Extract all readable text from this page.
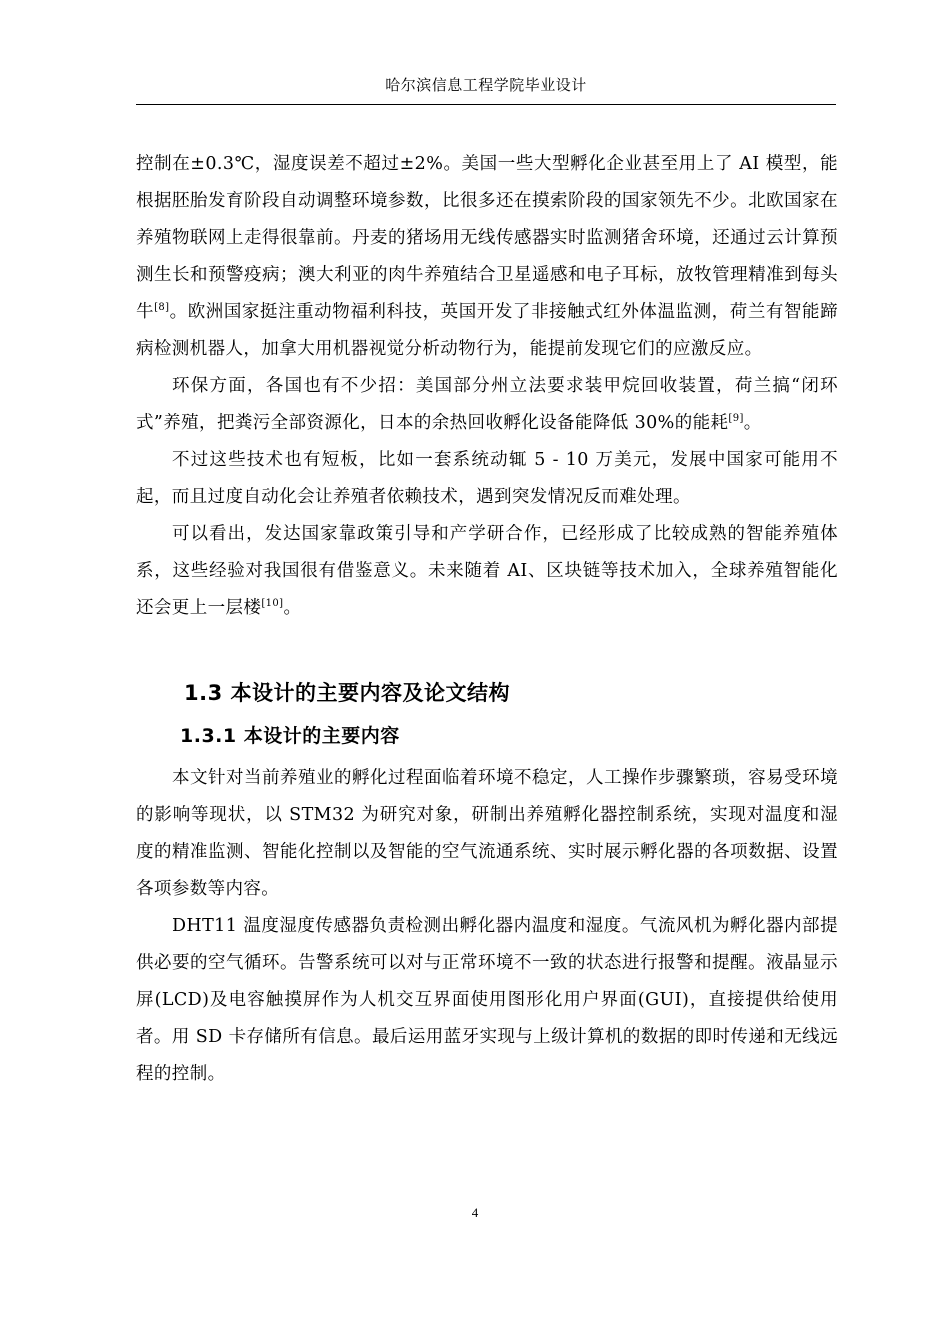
哈尔滨信息工程学院毕业设计

控制在±0.3℃，湿度误差不超过±2%。美国一些大型孵化企业甚至用上了 AI 模型，能根据胚胎发育阶段自动调整环境参数，比很多还在摸索阶段的国家领先不少。北欧国家在养殖物联网上走得很靠前。丹麦的猪场用无线传感器实时监测猪舍环境，还通过云计算预测生长和预警疫病；澳大利亚的肉牛养殖结合卫星遥感和电子耳标，放牧管理精准到每头牛[8]。欧洲国家挺注重动物福利科技，英国开发了非接触式红外体温监测，荷兰有智能蹄病检测机器人，加拿大用机器视觉分析动物行为，能提前发现它们的应激反应。

环保方面，各国也有不少招：美国部分州立法要求装甲烷回收装置，荷兰搞“闭环式”养殖，把粪污全部资源化，日本的余热回收孵化设备能降低 30%的能耗[9]。

不过这些技术也有短板，比如一套系统动辄 5 - 10 万美元，发展中国家可能用不起，而且过度自动化会让养殖者依赖技术，遇到突发情况反而难处理。

可以看出，发达国家靠政策引导和产学研合作，已经形成了比较成熟的智能养殖体系，这些经验对我国很有借鉴意义。未来随着 AI、区块链等技术加入，全球养殖智能化还会更上一层楼[10]。

1.3 本设计的主要内容及论文结构
1.3.1 本设计的主要内容

本文针对当前养殖业的孵化过程面临着环境不稳定，人工操作步骤繁琐，容易受环境的影响等现状，以 STM32 为研究对象，研制出养殖孵化器控制系统，实现对温度和湿度的精准监测、智能化控制以及智能的空气流通系统、实时展示孵化器的各项数据、设置各项参数等内容。

DHT11 温度湿度传感器负责检测出孵化器内温度和湿度。气流风机为孵化器内部提供必要的空气循环。告警系统可以对与正常环境不一致的状态进行报警和提醒。液晶显示屏(LCD)及电容触摸屏作为人机交互界面使用图形化用户界面(GUI)，直接提供给使用者。用 SD 卡存储所有信息。最后运用蓝牙实现与上级计算机的数据的即时传递和无线远程的控制。

4
